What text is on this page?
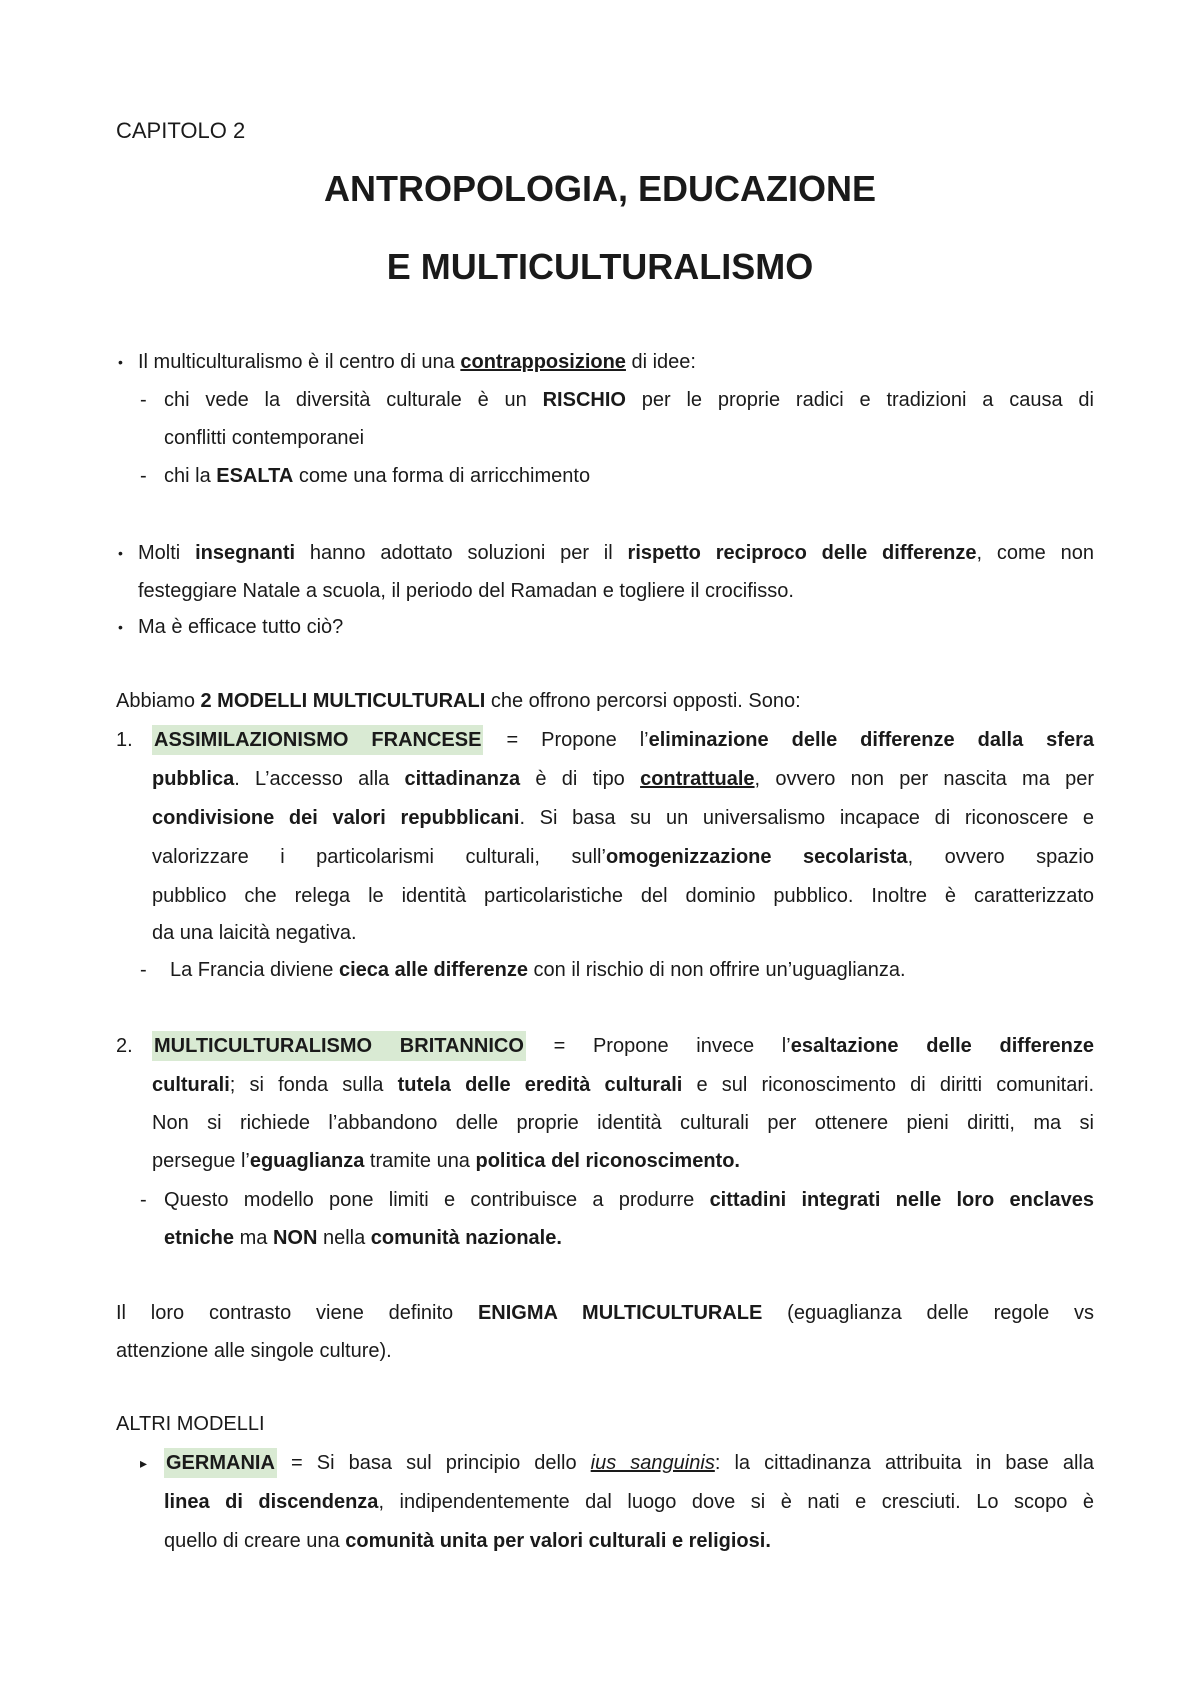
CAPITOLO 2
ANTROPOLOGIA, EDUCAZIONE
E MULTICULTURALISMO
• Il multiculturalismo è il centro di una contrapposizione di idee:
- chi vede la diversità culturale è un RISCHIO per le proprie radici e tradizioni a causa di
conflitti contemporanei
- chi la ESALTA come una forma di arricchimento
• Molti insegnanti hanno adottato soluzioni per il rispetto reciproco delle differenze, come non
festeggiare Natale a scuola, il periodo del Ramadan e togliere il crocifisso.
• Ma è efficace tutto ciò?
Abbiamo 2 MODELLI MULTICULTURALI che offrono percorsi opposti. Sono:
1. ASSIMILAZIONISMO FRANCESE = Propone l’eliminazione delle differenze dalla sfera
pubblica. L’accesso alla cittadinanza è di tipo contrattuale, ovvero non per nascita ma per
condivisione dei valori repubblicani. Si basa su un universalismo incapace di riconoscere e
valorizzare i particolarismi culturali, sull’omogenizzazione secolarista, ovvero spazio
pubblico che relega le identità particolaristiche del dominio pubblico. Inoltre è caratterizzato
da una laicità negativa.
- La Francia diviene cieca alle differenze con il rischio di non offrire un’uguaglianza.
2. MULTICULTURALISMO BRITANNICO = Propone invece l’esaltazione delle differenze
culturali; si fonda sulla tutela delle eredità culturali e sul riconoscimento di diritti comunitari.
Non si richiede l’abbandono delle proprie identità culturali per ottenere pieni diritti, ma si
persegue l’eguaglianza tramite una politica del riconoscimento.
- Questo modello pone limiti e contribuisce a produrre cittadini integrati nelle loro enclaves
etniche ma NON nella comunità nazionale.
Il loro contrasto viene definito ENIGMA MULTICULTURALE (eguaglianza delle regole vs
attenzione alle singole culture).
ALTRI MODELLI
▸ GERMANIA = Si basa sul principio dello ius sanguinis: la cittadinanza attribuita in base alla
linea di discendenza, indipendentemente dal luogo dove si è nati e cresciuti. Lo scopo è
quello di creare una comunità unita per valori culturali e religiosi.
